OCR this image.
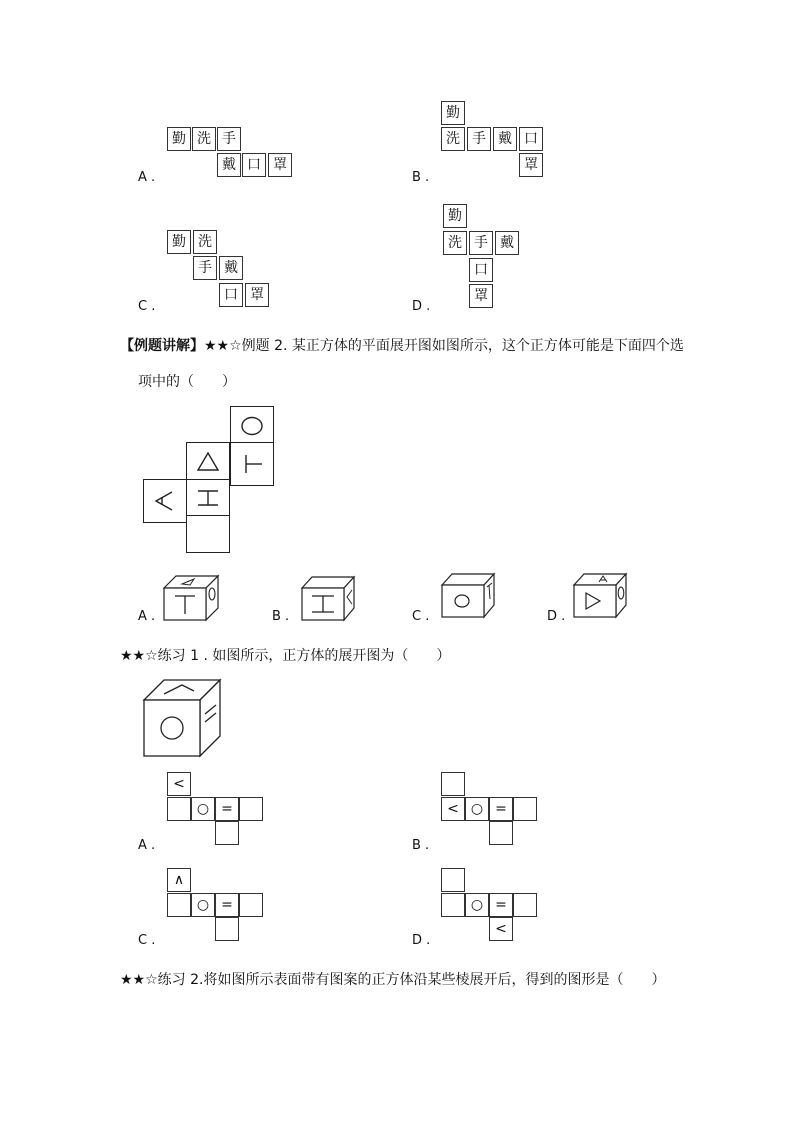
勤 洗 手
戴 口 罩
A .
勤
洗 手 戴 口
罩
B .
勤 洗
手 戴
口 罩
C .
勤
洗 手 戴
口
罩
D .
【例题讲解】★★☆例题 2. 某正方体的平面展开图如图所示，这个正方体可能是下面四个选
项中的（　　）
A .	B .	C .	D .
★★☆练习 1 . 如图所示，正方体的展开图为（　　）
<
○ =
A .
< ○ =
B .
∧
○ =
C .
○ =
<
D .
★★☆练习 2.将如图所示表面带有图案的正方体沿某些棱展开后，得到的图形是（　　）
